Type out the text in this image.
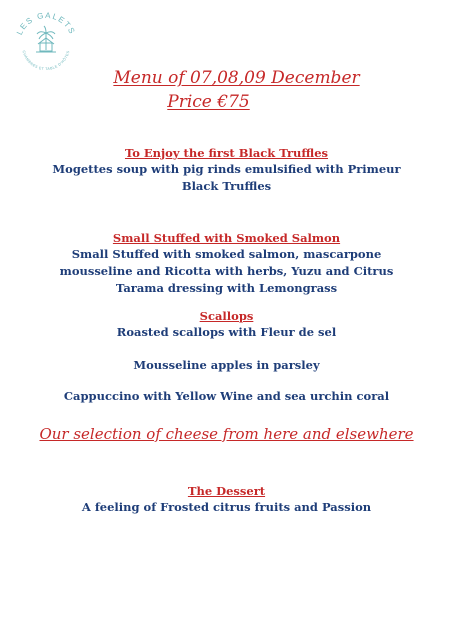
LES GALETS
CHAMBRES ET TABLE D'HÔTES
Menu of 07,08,09 December
Price €75

To Enjoy the first Black Truffles

Mogettes soup with pig rinds emulsified with Primeur

Black Truffles

Small Stuffed with Smoked Salmon

Small Stuffed with smoked salmon, mascarpone

mousseline and Ricotta with herbs, Yuzu and Citrus

Tarama dressing with Lemongrass

Scallops

Roasted scallops with Fleur de sel

Mousseline apples in parsley

Cappuccino with Yellow Wine and sea urchin coral

Our selection of cheese from here and elsewhere

The Dessert

A feeling of Frosted citrus fruits and Passion
